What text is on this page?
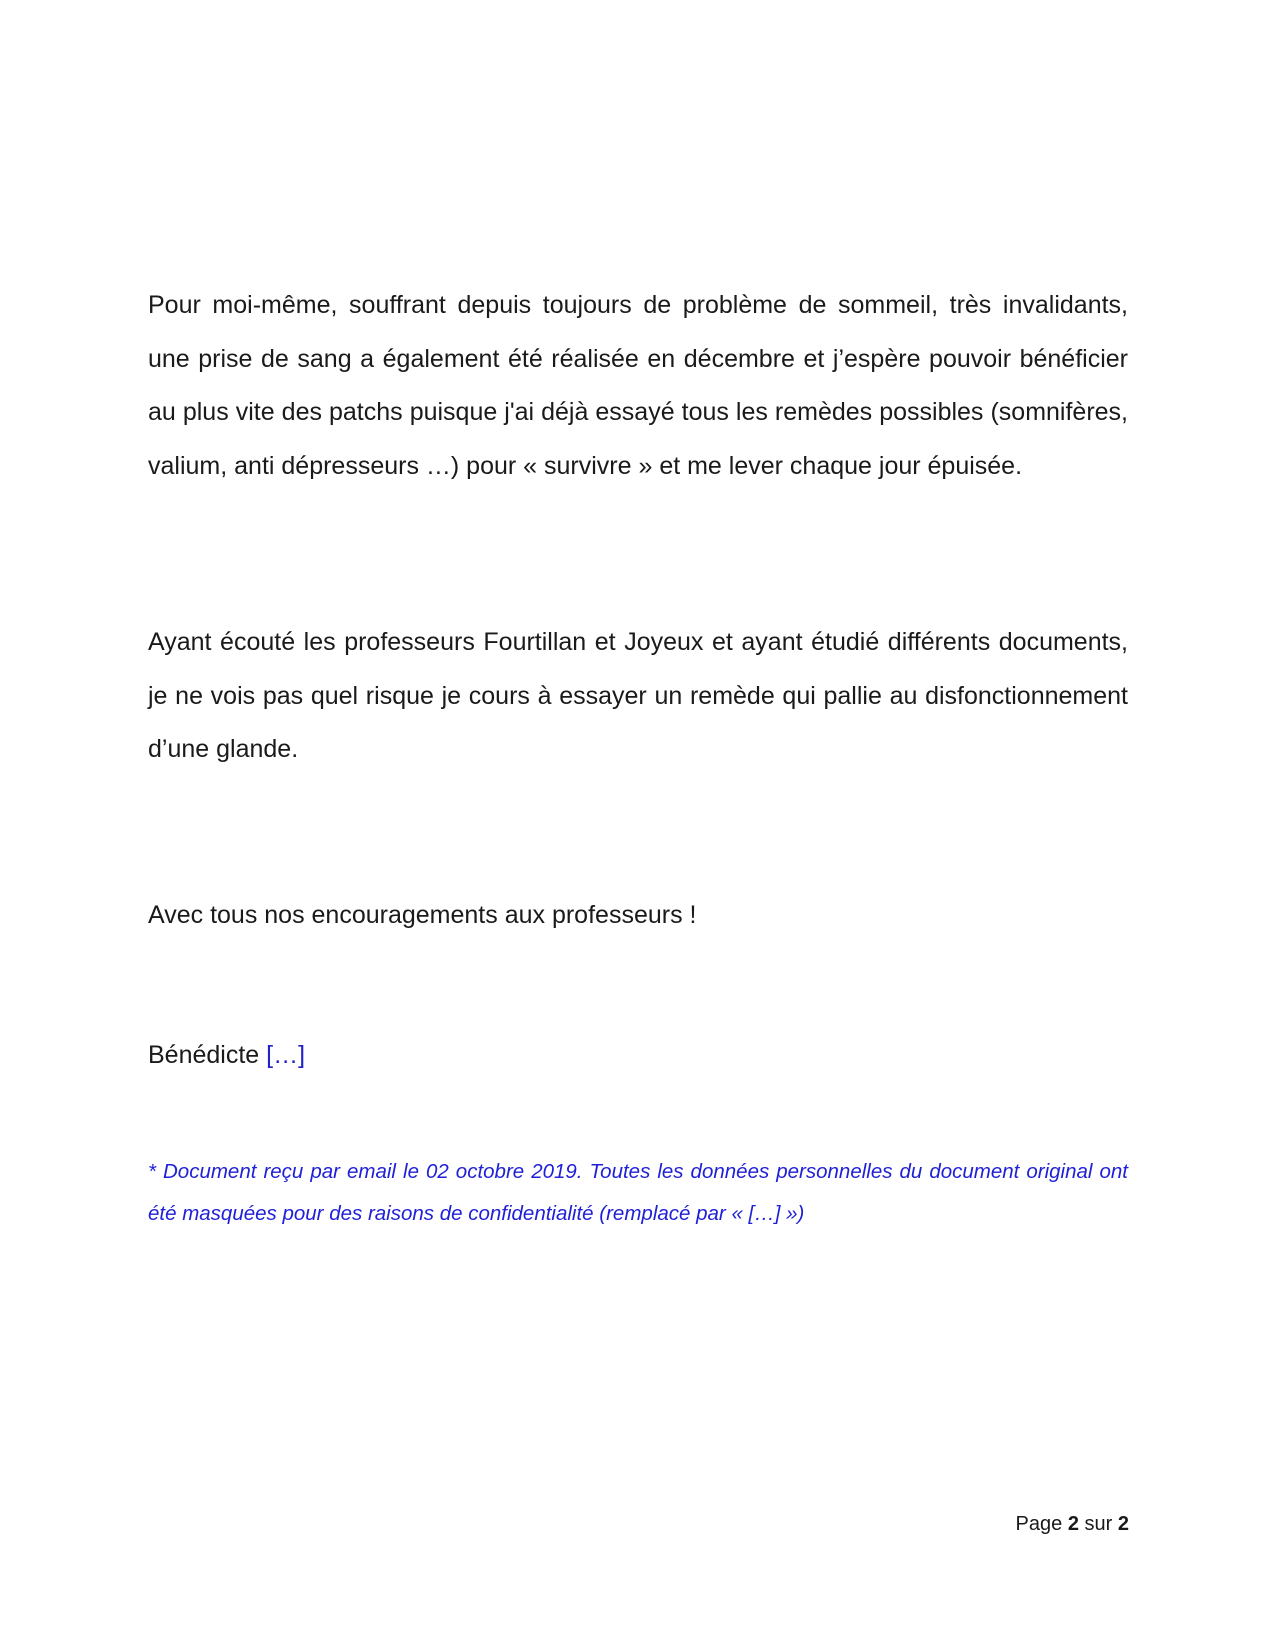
Pour moi-même, souffrant depuis toujours de problème de sommeil, très invalidants, une prise de sang a également été réalisée en décembre et j’espère pouvoir bénéficier au plus vite des patchs puisque j'ai déjà essayé tous les remèdes possibles (somnifères, valium, anti dépresseurs …) pour « survivre » et me lever chaque jour épuisée.

Ayant écouté les professeurs Fourtillan et Joyeux et ayant étudié différents documents, je ne vois pas quel risque je cours à essayer un remède qui pallie au disfonctionnement d’une glande.

Avec tous nos encouragements aux professeurs !

Bénédicte […]

* Document reçu par email le 02 octobre 2019. Toutes les données personnelles du document original ont été masquées pour des raisons de confidentialité (remplacé par « […] »)

Page 2 sur 2
